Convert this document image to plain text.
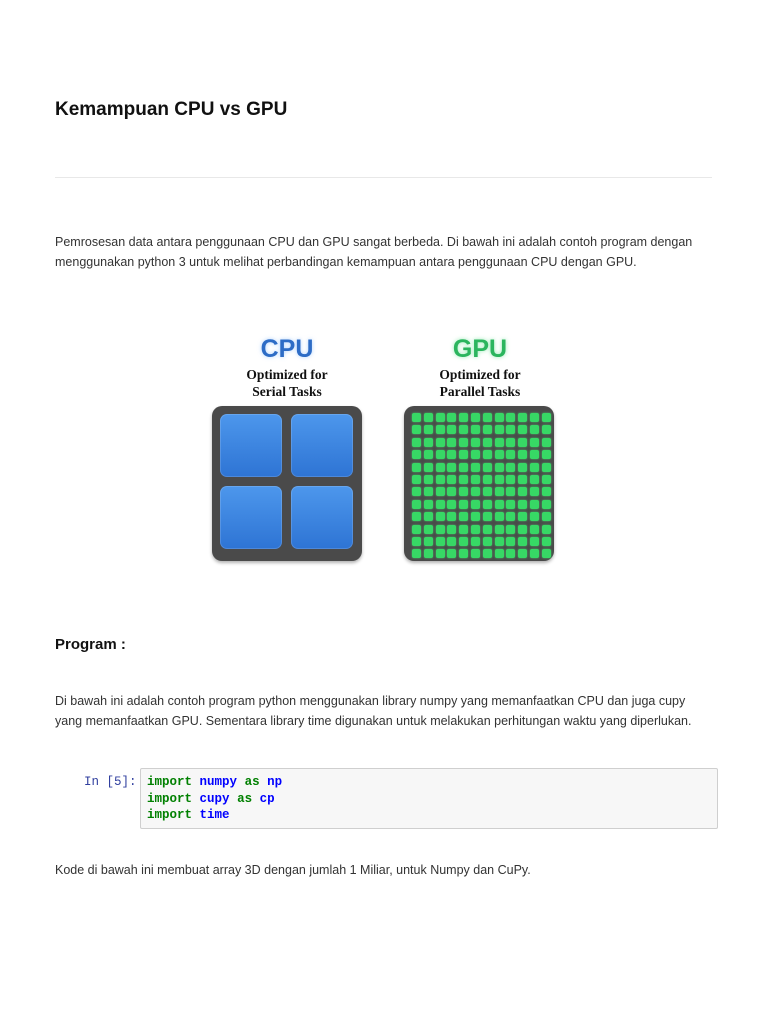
Kemampuan CPU vs GPU

Pemrosesan data antara penggunaan CPU dan GPU sangat berbeda. Di bawah ini adalah contoh program dengan menggunakan python 3 untuk melihat perbandingan kemampuan antara penggunaan CPU dengan GPU.

CPU
Optimized for
Serial Tasks
GPU
Optimized for
Parallel Tasks
Program :

Di bawah ini adalah contoh program python menggunakan library numpy yang memanfaatkan CPU dan juga cupy yang memanfaatkan GPU. Sementara library time digunakan untuk melakukan perhitungan waktu yang diperlukan.

In [5]: import numpy as np
import cupy as cp
import time

Kode di bawah ini membuat array 3D dengan jumlah 1 Miliar, untuk Numpy dan CuPy.
